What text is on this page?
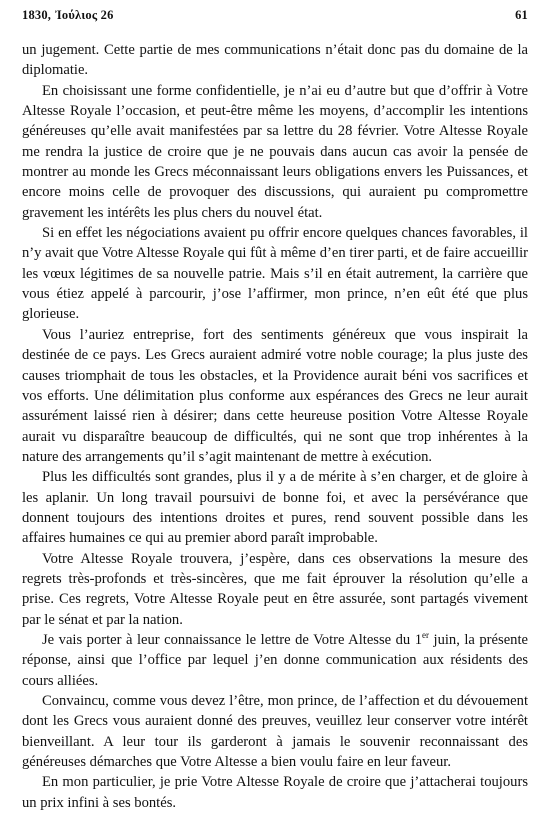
1830, Ἰούλιος 26	61

un jugement. Cette partie de mes communications n’était donc pas du domaine de la diplomatie.

En choisissant une forme confidentielle, je n’ai eu d’autre but que d’offrir à Votre Altesse Royale l’occasion, et peut-être même les moyens, d’accomplir les intentions généreuses qu’elle avait manifestées par sa lettre du 28 février. Votre Altesse Royale me rendra la justice de croire que je ne pouvais dans aucun cas avoir la pensée de montrer au monde les Grecs méconnaissant leurs obligations envers les Puissances, et encore moins celle de provoquer des discussions, qui auraient pu compromettre gravement les intérêts les plus chers du nouvel état.

Si en effet les négociations avaient pu offrir encore quelques chances favorables, il n’y avait que Votre Altesse Royale qui fût à même d’en tirer parti, et de faire accueillir les vœux légitimes de sa nouvelle patrie. Mais s’il en était autrement, la carrière que vous étiez appelé à parcourir, j’ose l’affirmer, mon prince, n’en eût été que plus glorieuse.

Vous l’auriez entreprise, fort des sentiments généreux que vous inspirait la destinée de ce pays. Les Grecs auraient admiré votre noble courage; la plus juste des causes triomphait de tous les obstacles, et la Providence aurait béni vos sacrifices et vos efforts. Une délimitation plus conforme aux espérances des Grecs ne leur aurait assurément laissé rien à désirer; dans cette heureuse position Votre Altesse Royale aurait vu disparaître beaucoup de difficultés, qui ne sont que trop inhérentes à la nature des arrangements qu’il s’agit maintenant de mettre à exécution.

Plus les difficultés sont grandes, plus il y a de mérite à s’en charger, et de gloire à les aplanir. Un long travail poursuivi de bonne foi, et avec la persévérance que donnent toujours des intentions droites et pures, rend souvent possible dans les affaires humaines ce qui au premier abord paraît improbable.

Votre Altesse Royale trouvera, j’espère, dans ces observations la mesure des regrets très-profonds et très-sincères, que me fait éprouver la résolution qu’elle a prise. Ces regrets, Votre Altesse Royale peut en être assurée, sont partagés vivement par le sénat et par la nation.

Je vais porter à leur connaissance le lettre de Votre Altesse du 1er juin, la présente réponse, ainsi que l’office par lequel j’en donne communication aux résidents des cours alliées.

Convaincu, comme vous devez l’être, mon prince, de l’affection et du dévouement dont les Grecs vous auraient donné des preuves, veuillez leur conserver votre intérêt bienveillant. A leur tour ils garderont à jamais le souvenir reconnaissant des généreuses démarches que Votre Altesse a bien voulu faire en leur faveur.

En mon particulier, je prie Votre Altesse Royale de croire que j’attacherai toujours un prix infini à ses bontés.
